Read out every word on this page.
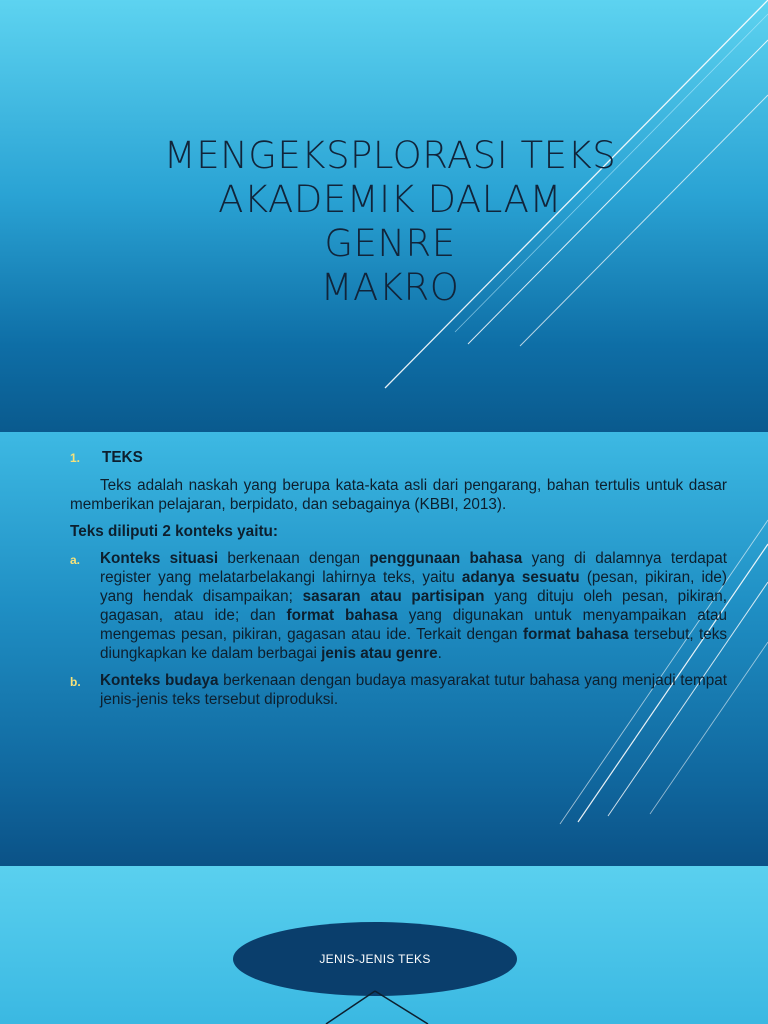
MENGEKSPLORASI TEKS
AKADEMIK DALAM GENRE
MAKRO
1.	TEKS
Teks adalah naskah yang berupa kata-kata asli dari pengarang, bahan tertulis untuk dasar memberikan pelajaran, berpidato, dan sebagainya (KBBI, 2013).
Teks diliputi 2 konteks yaitu:
a.	Konteks situasi berkenaan dengan penggunaan bahasa yang di dalamnya terdapat register yang melatarbelakangi lahirnya teks, yaitu adanya sesuatu (pesan, pikiran, ide) yang hendak disampaikan; sasaran atau partisipan yang dituju oleh pesan, pikiran, gagasan, atau ide; dan format bahasa yang digunakan untuk menyampaikan atau mengemas pesan, pikiran, gagasan atau ide. Terkait dengan format bahasa tersebut, teks diungkapkan ke dalam berbagai jenis atau genre.
b.	Konteks budaya berkenaan dengan budaya masyarakat tutur bahasa yang menjadi tempat jenis-jenis teks tersebut diproduksi.
JENIS-JENIS TEKS
